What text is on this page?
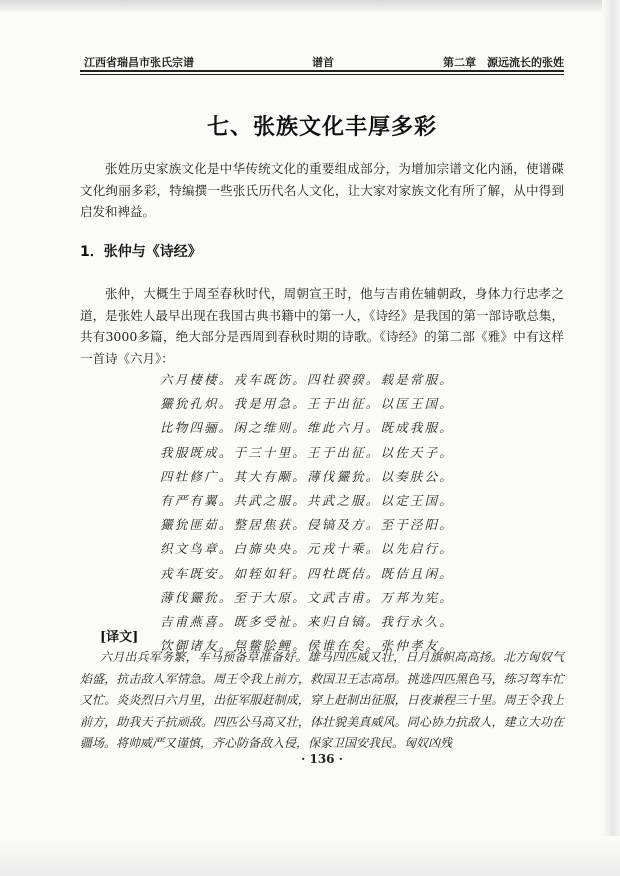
江西省瑞昌市张氏宗谱	谱首	第二章　源远流长的张姓
七、张族文化丰厚多彩
张姓历史家族文化是中华传统文化的重要组成部分，为增加宗谱文化内涵，使谱碟文化绚丽多彩，特编撰一些张氏历代名人文化，让大家对家族文化有所了解，从中得到启发和裨益。
1．张仲与《诗经》
张仲，大概生于周至春秋时代，周朝宣王时，他与吉甫佐辅朝政，身体力行忠孝之道，是张姓人最早出现在我国古典书籍中的第一人，《诗经》是我国的第一部诗歌总集，共有3000多篇，绝大部分是西周到春秋时期的诗歌。《诗经》的第二部《雅》中有这样一首诗《六月》：
六月棲棲。戎车既饬。四牡骙骙。载是常服。
玁狁孔炽。我是用急。王于出征。以匡王国。
比物四骊。闲之维则。维此六月。既成我服。
我服既成。于三十里。王于出征。以佐天子。
四牡修广。其大有颙。薄伐玁狁。以奏肤公。
有严有翼。共武之服。共武之服。以定王国。
玁狁匪茹。整居焦获。侵镐及方。至于泾阳。
织文鸟章。白旆央央。元戎十乘。以先启行。
戎车既安。如轾如轩。四牡既佶。既佶且闲。
薄伐玁狁。至于大原。文武吉甫。万邦为宪。
吉甫燕喜。既多受祉。来归自镐。我行永久。
饮御诸友。炰鳖脍鲤。侯谁在矣。张仲孝友。
[译文]
六月出兵军务繁，车马预备草准备好。雄马四匹威又壮，日月旗帜高高扬。北方匈奴气焰盛，抗击敌人军情急。周王令我上前方，救国卫王志高昂。挑选四匹黑色马，练习驾车忙又忙。炎炎烈日六月里，出征军服赶制成，穿上赶制出征服，日夜兼程三十里。周王令我上前方，助我天子抗顽敌。四匹公马高又壮，体壮貌美真威风。同心协力抗敌人，建立大功在疆场。将帅威严又谨慎，齐心防备敌入侵，保家卫国安我民。匈奴凶残
· 136 ·
